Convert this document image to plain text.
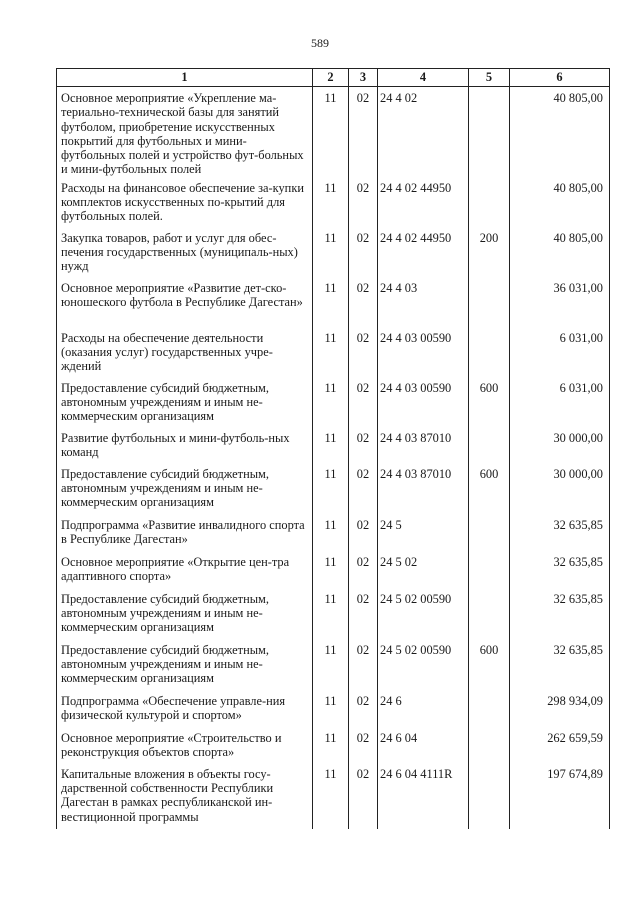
589
1	2	3	4	5	6
Основное мероприятие «Укрепление ма-териально-технической базы для занятий футболом, приобретение искусственных покрытий для футбольных и мини-футбольных полей и устройство фут-больных и мини-футбольных полей	11	02	24 4 02		40 805,00
Расходы на финансовое обеспечение за-купки комплектов искусственных по-крытий для футбольных полей.	11	02	24 4 02 44950		40 805,00
Закупка товаров, работ и услуг для обес-печения государственных (муниципаль-ных) нужд	11	02	24 4 02 44950	200	40 805,00
Основное мероприятие «Развитие дет-ско-юношеского футбола в Республике Дагестан»	11	02	24 4 03		36 031,00
Расходы на обеспечение деятельности (оказания услуг) государственных учре-ждений	11	02	24 4 03 00590		6 031,00
Предоставление субсидий бюджетным, автономным учреждениям и иным не-коммерческим организациям	11	02	24 4 03 00590	600	6 031,00
Развитие футбольных и мини-футболь-ных команд	11	02	24 4 03 87010		30 000,00
Предоставление субсидий бюджетным, автономным учреждениям и иным не-коммерческим организациям	11	02	24 4 03 87010	600	30 000,00
Подпрограмма «Развитие инвалидного спорта в Республике Дагестан»	11	02	24 5		32 635,85
Основное мероприятие «Открытие цен-тра адаптивного спорта»	11	02	24 5 02		32 635,85
Предоставление субсидий бюджетным, автономным учреждениям и иным не-коммерческим организациям	11	02	24 5 02 00590		32 635,85
Предоставление субсидий бюджетным, автономным учреждениям и иным не-коммерческим организациям	11	02	24 5 02 00590	600	32 635,85
Подпрограмма «Обеспечение управле-ния физической культурой и спортом»	11	02	24 6		298 934,09
Основное мероприятие «Строительство и реконструкция объектов спорта»	11	02	24 6 04		262 659,59
Капитальные вложения в объекты госу-дарственной собственности Республики Дагестан в рамках республиканской ин-вестиционной программы	11	02	24 6 04 4111R		197 674,89
